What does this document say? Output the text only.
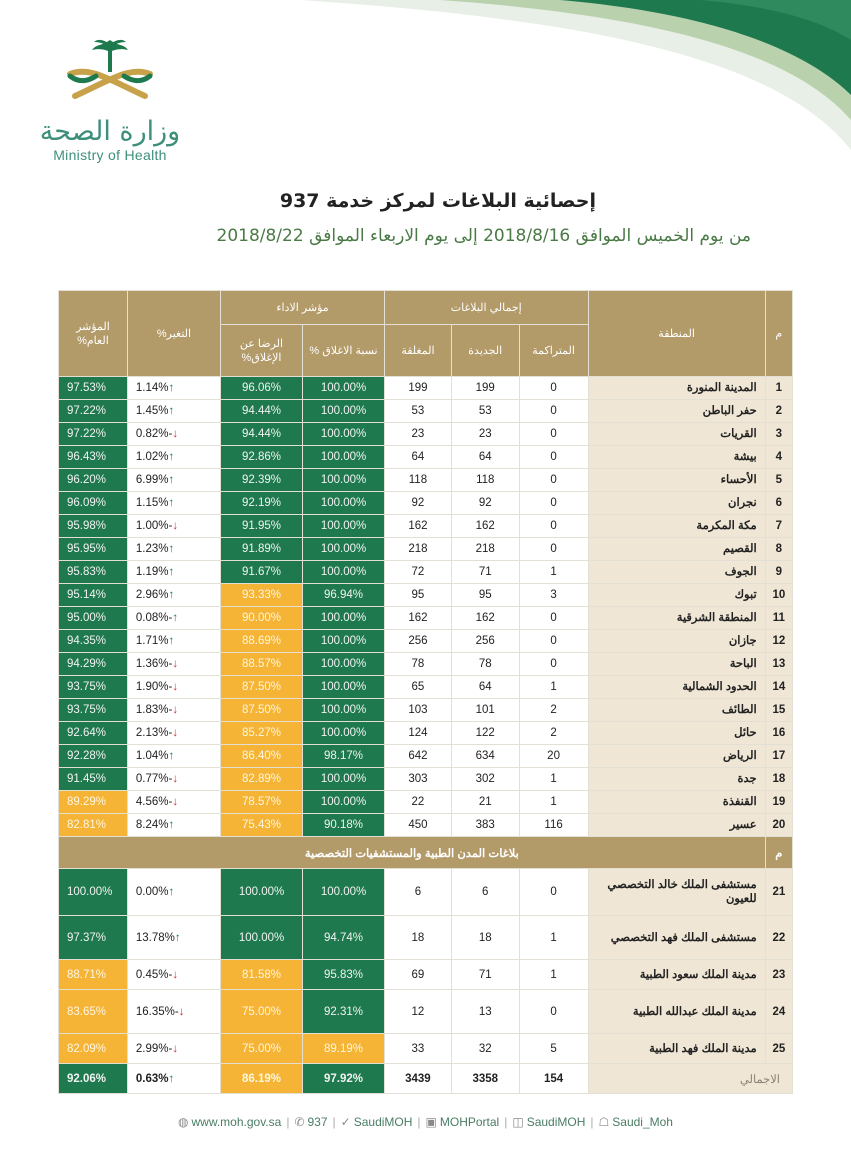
وزارة الصحة
Ministry of Health
إحصائية البلاغات لمركز خدمة 937
من يوم الخميس الموافق 2018/8/16 إلى يوم الاربعاء الموافق 2018/8/22
م	المنطقة	إجمالي البلاغات			مؤشر الاداء		التغير%	المؤشر العام%
		المتراكمة	الجديدة	المغلقة	نسبة الاغلاق %	الرضا عن الإغلاق%		
1	المدينة المنورة	0	199	199	100.00%	96.06%	↑1.14%	97.53%
2	حفر الباطن	0	53	53	100.00%	94.44%	↑1.45%	97.22%
3	القريات	0	23	23	100.00%	94.44%	↓-0.82%	97.22%
4	بيشة	0	64	64	100.00%	92.86%	↑1.02%	96.43%
5	الأحساء	0	118	118	100.00%	92.39%	↑6.99%	96.20%
6	نجران	0	92	92	100.00%	92.19%	↑1.15%	96.09%
7	مكة المكرمة	0	162	162	100.00%	91.95%	↓-1.00%	95.98%
8	القصيم	0	218	218	100.00%	91.89%	↑1.23%	95.95%
9	الجوف	1	71	72	100.00%	91.67%	↑1.19%	95.83%
10	تبوك	3	95	95	96.94%	93.33%	↑2.96%	95.14%
11	المنطقة الشرقية	0	162	162	100.00%	90.00%	↑-0.08%	95.00%
12	جازان	0	256	256	100.00%	88.69%	↑1.71%	94.35%
13	الباحة	0	78	78	100.00%	88.57%	↓-1.36%	94.29%
14	الحدود الشمالية	1	64	65	100.00%	87.50%	↓-1.90%	93.75%
15	الطائف	2	101	103	100.00%	87.50%	↓-1.83%	93.75%
16	حائل	2	122	124	100.00%	85.27%	↓-2.13%	92.64%
17	الرياض	20	634	642	98.17%	86.40%	↑1.04%	92.28%
18	جدة	1	302	303	100.00%	82.89%	↓-0.77%	91.45%
19	القنفذة	1	21	22	100.00%	78.57%	↓-4.56%	89.29%
20	عسير	116	383	450	90.18%	75.43%	↑8.24%	82.81%
م	بلاغات المدن الطبية والمستشفيات التخصصية							
21	مستشفى الملك خالد التخصصي للعيون	0	6	6	100.00%	100.00%	↑0.00%	100.00%
22	مستشفى الملك فهد التخصصي	1	18	18	94.74%	100.00%	↑13.78%	97.37%
23	مدينة الملك سعود الطبية	1	71	69	95.83%	81.58%	↓-0.45%	88.71%
24	مدينة الملك عبدالله الطبية	0	13	12	92.31%	75.00%	↓-16.35%	83.65%
25	مدينة الملك فهد الطبية	5	32	33	89.19%	75.00%	↓-2.99%	82.09%
الاجمالي		154	3358	3439	97.92%	86.19%	↑0.63%	92.06%
◍ www.moh.gov.sa | ✆ 937 | ✓ SaudiMOH | ▣ MOHPortal | ◫ SaudiMOH | ☖ Saudi_Moh
